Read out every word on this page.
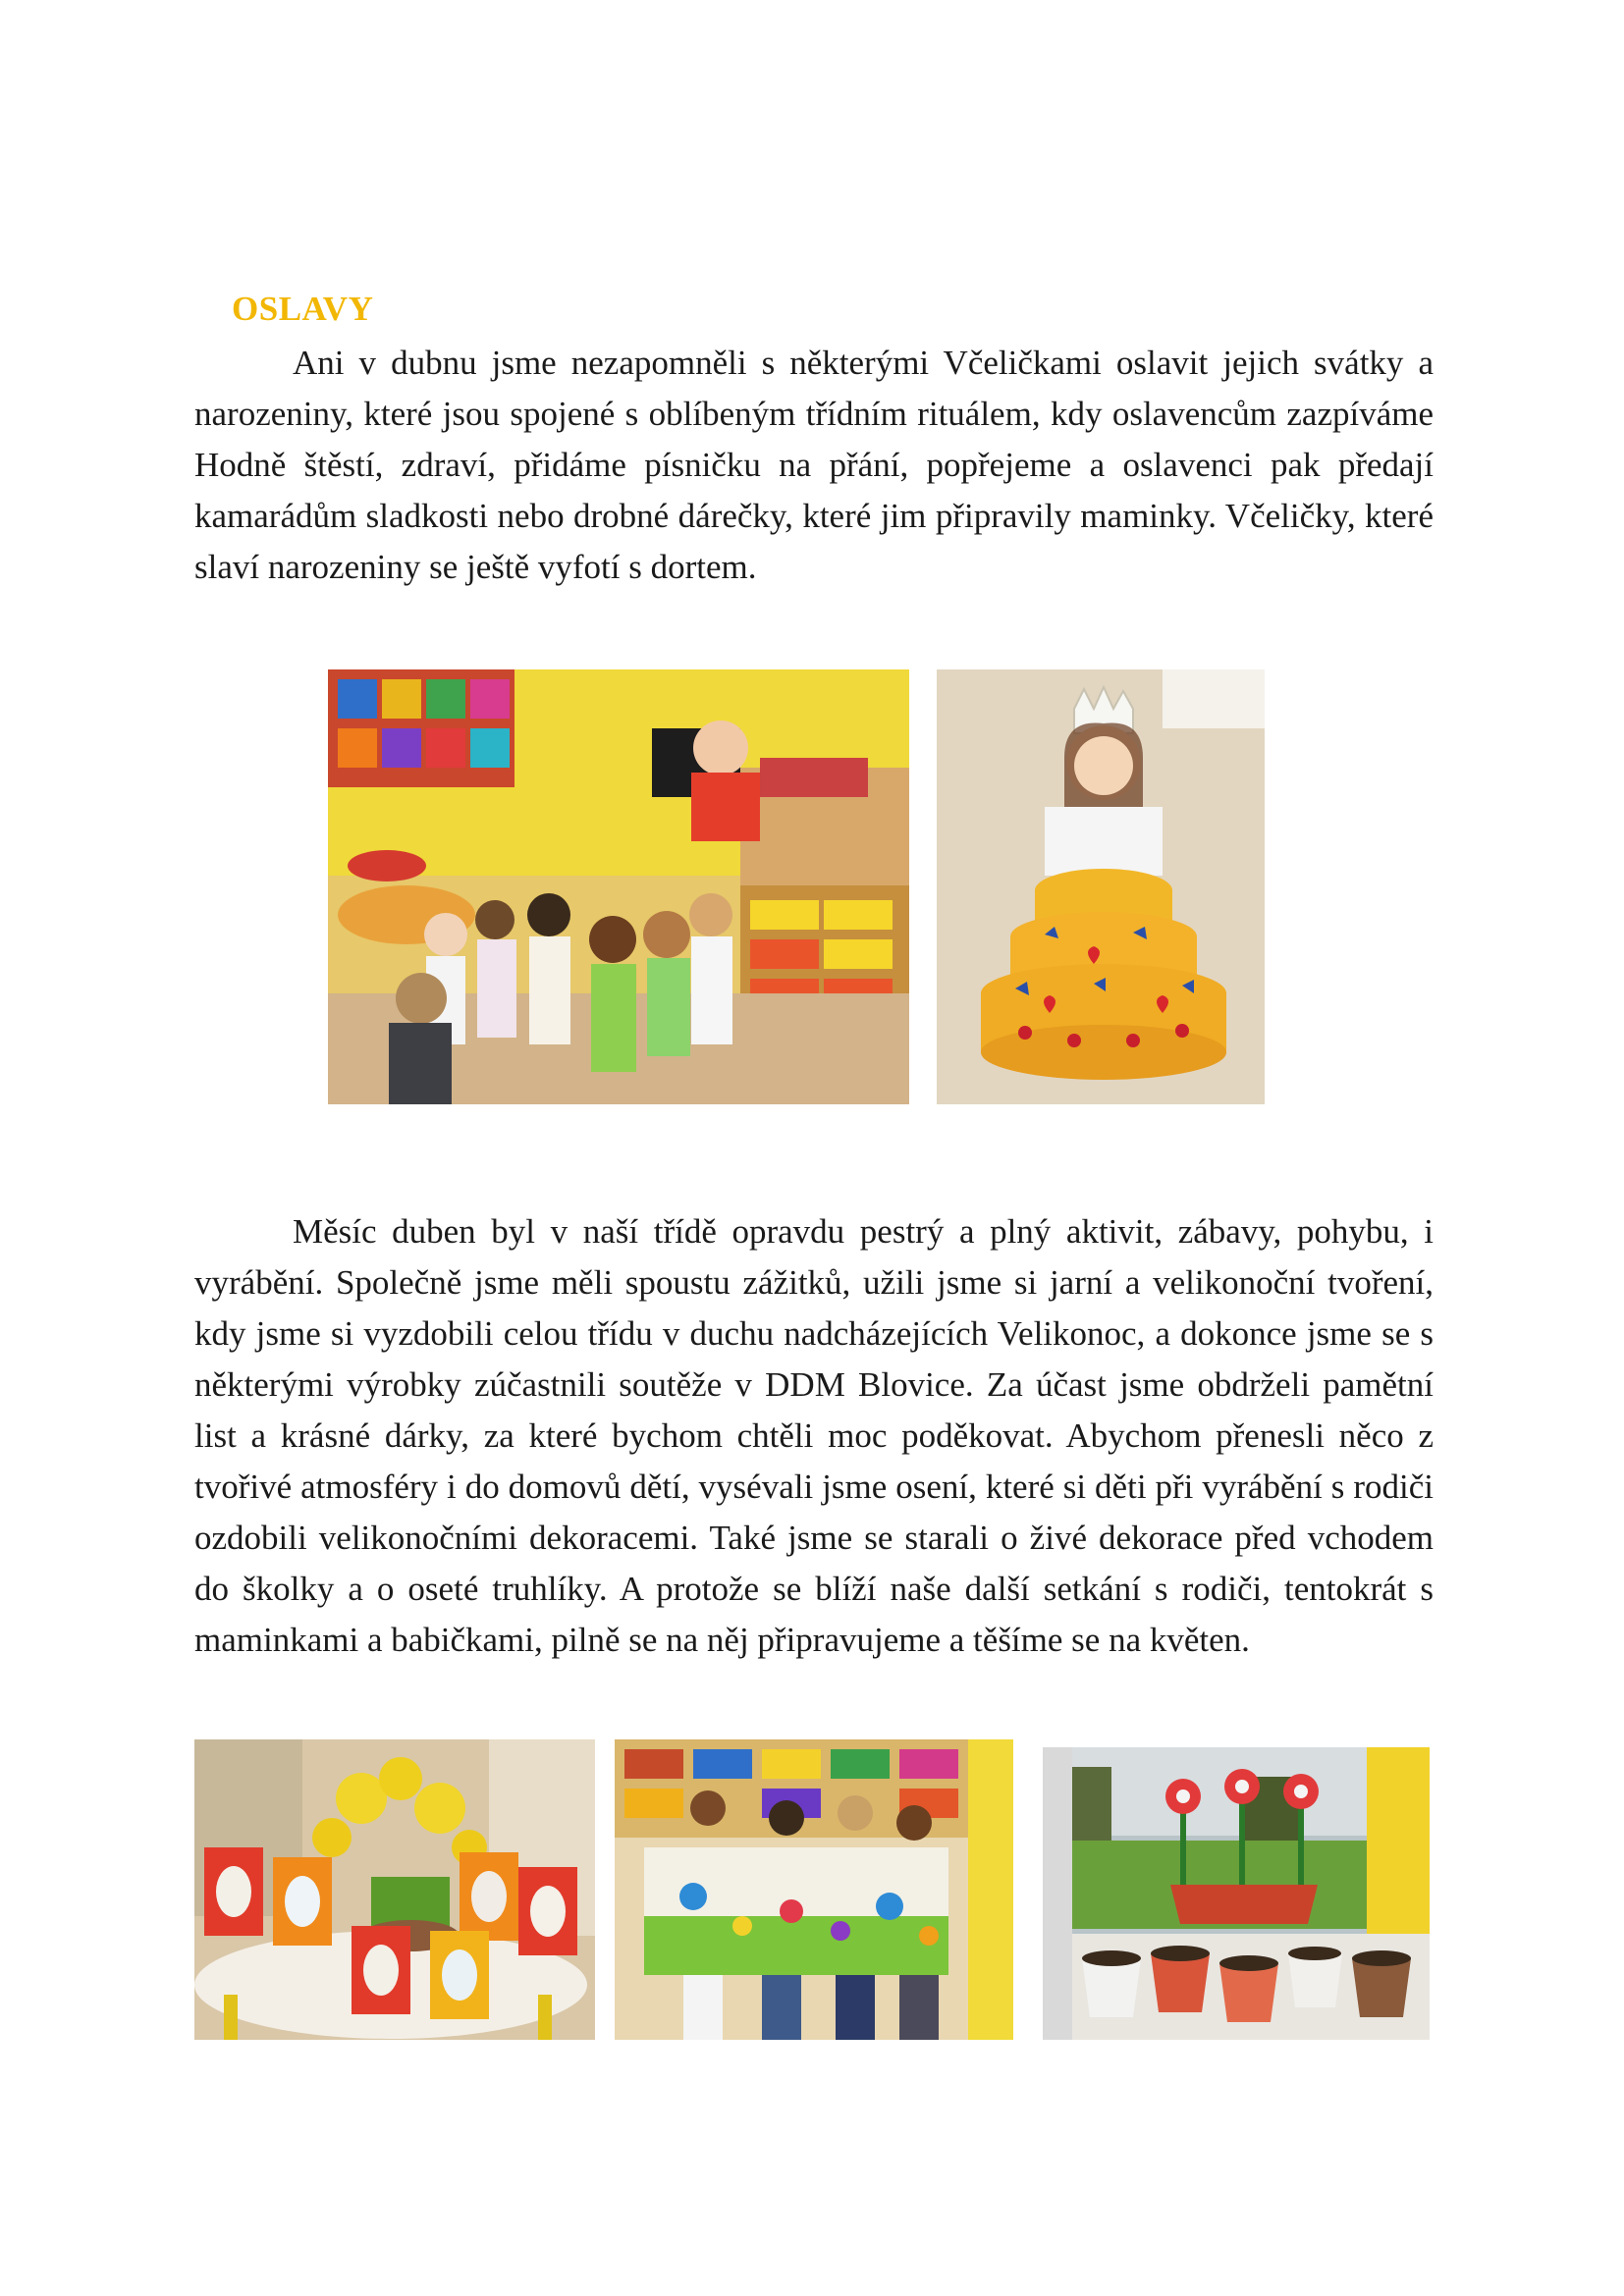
OSLAVY

Ani v dubnu jsme nezapomněli s některými Včeličkami oslavit jejich svátky a narozeniny, které jsou spojené s oblíbeným třídním rituálem, kdy oslavencům zazpíváme Hodně štěstí, zdraví, přidáme písničku na přání, popřejeme a oslavenci pak předají kamarádům sladkosti nebo drobné dárečky, které jim připravily maminky. Včeličky, které slaví narozeniny se ještě vyfotí s dortem.

Měsíc duben byl v naší třídě opravdu pestrý a plný aktivit, zábavy, pohybu, i vyrábění. Společně jsme měli spoustu zážitků, užili jsme si jarní a velikonoční tvoření, kdy jsme si vyzdobili celou třídu v duchu nadcházejících Velikonoc, a dokonce jsme se s některými výrobky zúčastnili soutěže v DDM Blovice. Za účast jsme obdrželi pamětní list a krásné dárky, za které bychom chtěli moc poděkovat. Abychom přenesli něco z tvořivé atmosféry i do domovů dětí, vysévali jsme osení, které si děti při vyrábění s rodiči ozdobili velikonočními dekoracemi. Také jsme se starali o živé dekorace před vchodem do školky a o oseté truhlíky. A protože se blíží naše další setkání s rodiči, tentokrát s maminkami a babičkami, pilně se na něj připravujeme a těšíme se na květen.
